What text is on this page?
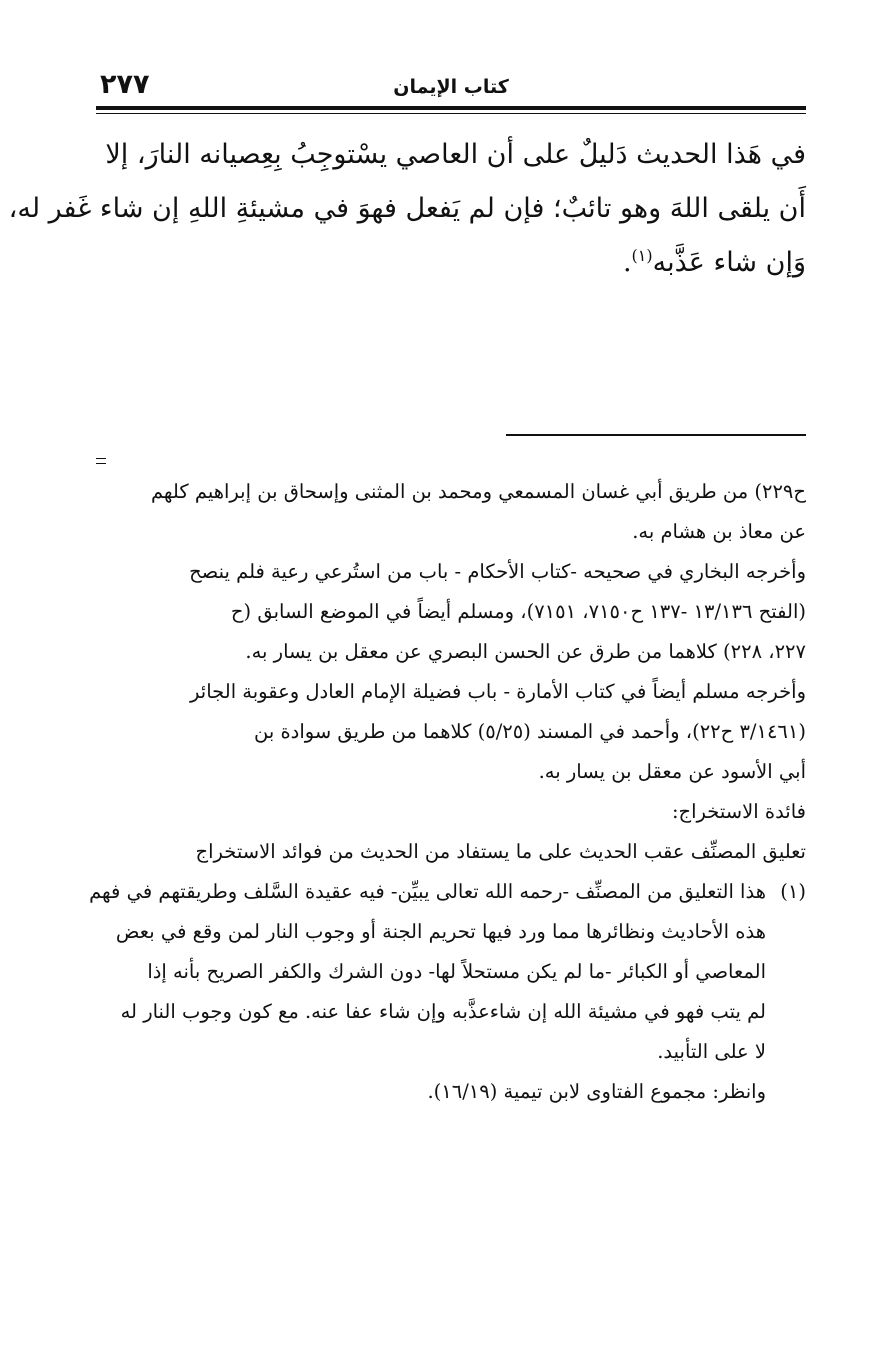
٢٧٧	كتاب الإيمان
في هَذا الحديث دَليلٌ على أن العاصي يسْتوجِبُ بِعِصيانه النارَ، إلا
أَن يلقى اللهَ وهو تائبٌ؛ فإن لم يَفعل فهوَ في مشيئةِ اللهِ إن شاء غَفر له،
وَإن شاء عَذَّبه$^{(١)}$.
ح٢٢٩) من طريق أبي غسان المسمعي ومحمد بن المثنى وإسحاق بن إبراهيم كلهم
عن معاذ بن هشام به.
وأخرجه البخاري في صحيحه -كتاب الأحكام - باب من استُرعي رعية فلم ينصح
(الفتح ١٣/١٣٦ -١٣٧ ح٧١٥٠، ٧١٥١)، ومسلم أيضاً في الموضع السابق (ح
٢٢٧، ٢٢٨) كلاهما من طرق عن الحسن البصري عن معقل بن يسار به.
وأخرجه مسلم أيضاً في كتاب الأمارة - باب فضيلة الإمام العادل وعقوبة الجائر
(٣/١٤٦١ ح٢٢)، وأحمد في المسند (٥/٢٥) كلاهما من طريق سوادة بن
أبي الأسود عن معقل بن يسار به.
فائدة الاستخراج:
تعليق المصنِّف عقب الحديث على ما يستفاد من الحديث من فوائد الاستخراج
(١)هذا التعليق من المصنِّف -رحمه الله تعالى يبيِّن- فيه عقيدة السَّلف وطريقتهم في فهم
هذه الأحاديث ونظائرها مما ورد فيها تحريم الجنة أو وجوب النار لمن وقع في بعض
المعاصي أو الكبائر -ما لم يكن مستحلاً لها- دون الشرك والكفر الصريح بأنه إذا
لم يتب فهو في مشيئة الله إن شاءعذَّبه وإن شاء عفا عنه. مع كون وجوب النار له
لا على التأبيد.
وانظر: مجموع الفتاوى لابن تيمية (١٦/١٩).
